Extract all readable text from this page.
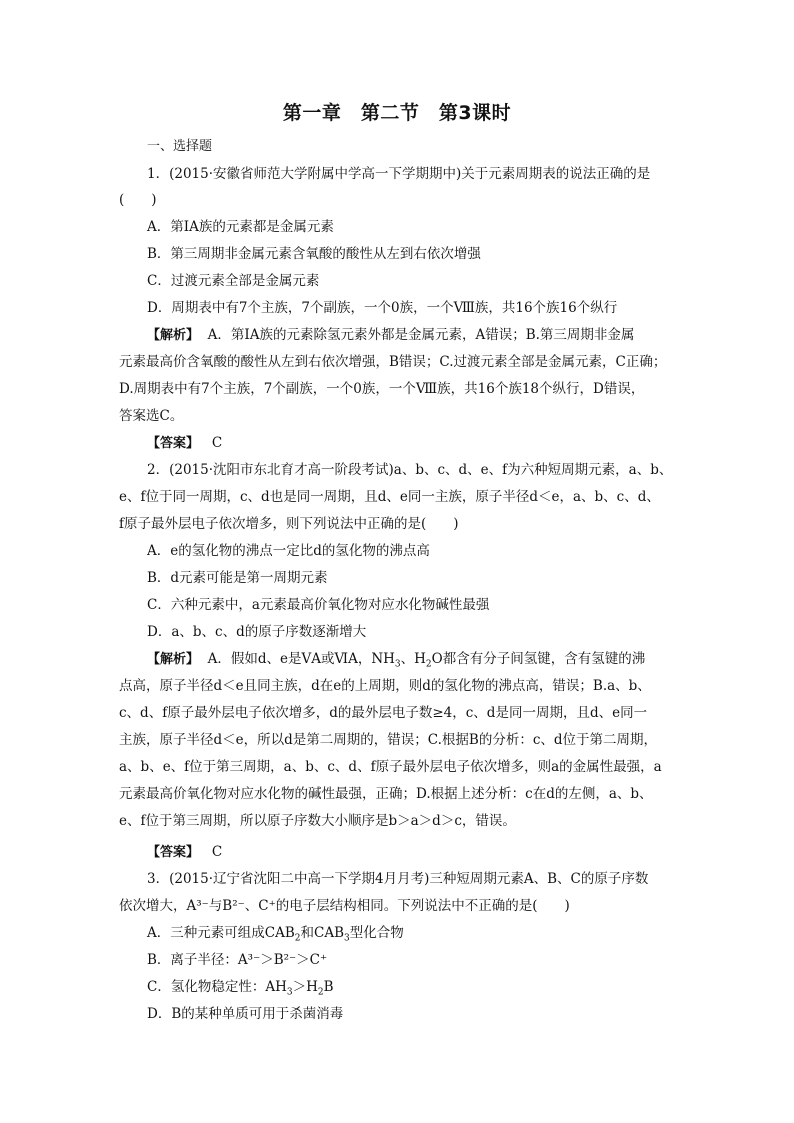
第一章　第二节　第3课时
一、选择题
1．(2015·安徽省师范大学附属中学高一下学期期中)关于元素周期表的说法正确的是
(　　)
A．第ⅠA族的元素都是金属元素
B．第三周期非金属元素含氧酸的酸性从左到右依次增强
C．过渡元素全部是金属元素
D．周期表中有7个主族，7个副族，一个0族，一个Ⅷ族，共16个族16个纵行
【解析】 A．第ⅠA族的元素除氢元素外都是金属元素，A错误；B.第三周期非金属
元素最高价含氧酸的酸性从左到右依次增强，B错误；C.过渡元素全部是金属元素，C正确；
D.周期表中有7个主族，7个副族，一个0族，一个Ⅷ族，共16个族18个纵行，D错误，
答案选C。
【答案】 C
2．(2015·沈阳市东北育才高一阶段考试)a、b、c、d、e、f为六种短周期元素，a、b、
e、f位于同一周期，c、d也是同一周期，且d、e同一主族，原子半径d＜e，a、b、c、d、
f原子最外层电子依次增多，则下列说法中正确的是(　　)
A．e的氢化物的沸点一定比d的氢化物的沸点高
B．d元素可能是第一周期元素
C．六种元素中，a元素最高价氧化物对应水化物碱性最强
D．a、b、c、d的原子序数逐渐增大
【解析】 A．假如d、e是ⅤA或ⅥA，$NH_3$、$H_2O$都含有分子间氢键，含有氢键的沸
点高，原子半径d＜e且同主族，d在e的上周期，则d的氢化物的沸点高，错误；B.a、b、
c、d、f原子最外层电子依次增多，d的最外层电子数≥4，c、d是同一周期，且d、e同一
主族，原子半径d＜e，所以d是第二周期的，错误；C.根据B的分析：c、d位于第二周期，
a、b、e、f位于第三周期，a、b、c、d、f原子最外层电子依次增多，则a的金属性最强，a
元素最高价氧化物对应水化物的碱性最强，正确；D.根据上述分析：c在d的左侧，a、b、
e、f位于第三周期，所以原子序数大小顺序是b＞a＞d＞c，错误。
【答案】 C
3．(2015·辽宁省沈阳二中高一下学期4月月考)三种短周期元素A、B、C的原子序数
依次增大，A³⁻与B²⁻、C⁺的电子层结构相同。下列说法中不正确的是(　　)
A．三种元素可组成$CAB_2$和$CAB_3$型化合物
B．离子半径：A³⁻＞B²⁻＞C⁺
C．氢化物稳定性：$AH_3>H_2B$
D．B的某种单质可用于杀菌消毒
